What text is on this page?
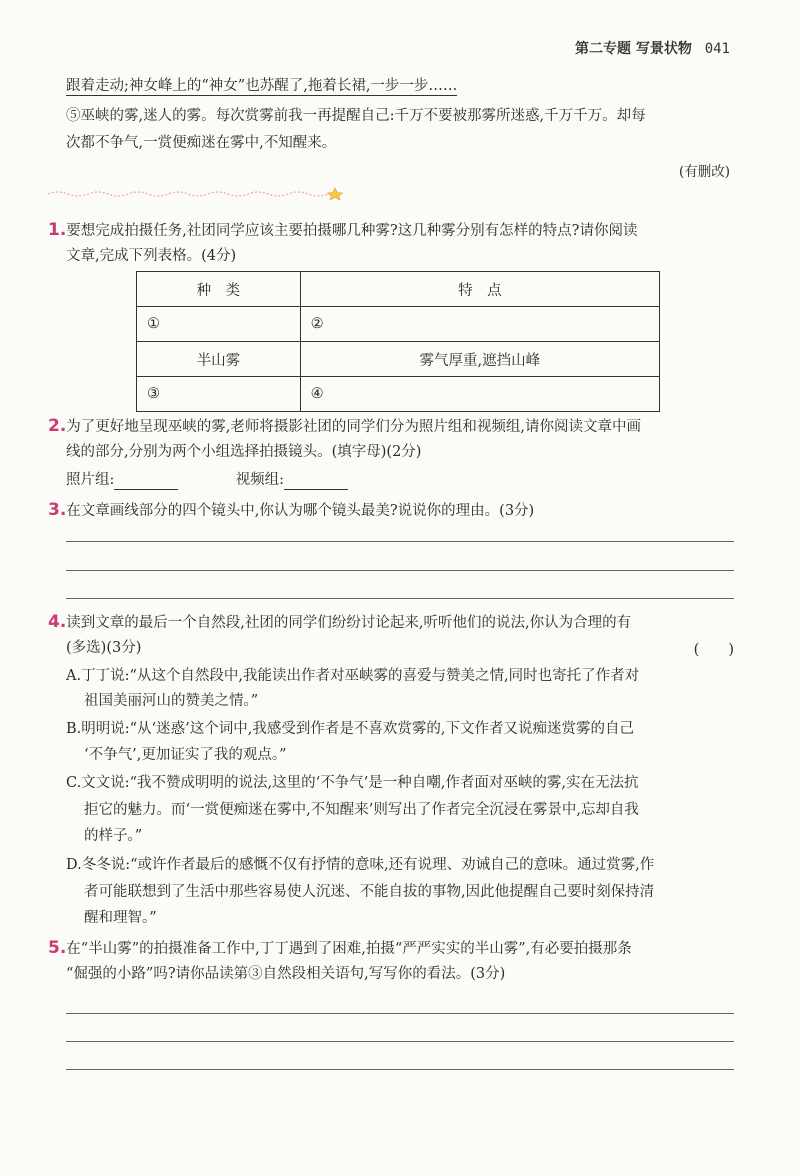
第二专题 写景状物 041
跟着走动;神女峰上的“神女”也苏醒了,拖着长裙,一步一步……
⑤巫峡的雾,迷人的雾。每次赏雾前我一再提醒自己:千万不要被那雾所迷惑,千万千万。却每
次都不争气,一赏便痴迷在雾中,不知醒来。
(有删改)
1.要想完成拍摄任务,社团同学应该主要拍摄哪几种雾?这几种雾分别有怎样的特点?请你阅读
文章,完成下列表格。(4分)
种　类	特　点
①	②
半山雾	雾气厚重,遮挡山峰
③	④
2.为了更好地呈现巫峡的雾,老师将摄影社团的同学们分为照片组和视频组,请你阅读文章中画
线的部分,分别为两个小组选择拍摄镜头。(填字母)(2分)
照片组:	视频组:
3.在文章画线部分的四个镜头中,你认为哪个镜头最美?说说你的理由。(3分)
4.读到文章的最后一个自然段,社团的同学们纷纷讨论起来,听听他们的说法,你认为合理的有
(多选)(3分)	(　　)
A.丁丁说:“从这个自然段中,我能读出作者对巫峡雾的喜爱与赞美之情,同时也寄托了作者对
祖国美丽河山的赞美之情。”
B.明明说:“从‘迷惑’这个词中,我感受到作者是不喜欢赏雾的,下文作者又说痴迷赏雾的自己
‘不争气’,更加证实了我的观点。”
C.文文说:“我不赞成明明的说法,这里的‘不争气’是一种自嘲,作者面对巫峡的雾,实在无法抗
拒它的魅力。而‘一赏便痴迷在雾中,不知醒来’则写出了作者完全沉浸在雾景中,忘却自我
的样子。”
D.冬冬说:“或许作者最后的感慨不仅有抒情的意味,还有说理、劝诫自己的意味。通过赏雾,作
者可能联想到了生活中那些容易使人沉迷、不能自拔的事物,因此他提醒自己要时刻保持清
醒和理智。”
5.在“半山雾”的拍摄准备工作中,丁丁遇到了困难,拍摄“严严实实的半山雾”,有必要拍摄那条
“倔强的小路”吗?请你品读第③自然段相关语句,写写你的看法。(3分)
